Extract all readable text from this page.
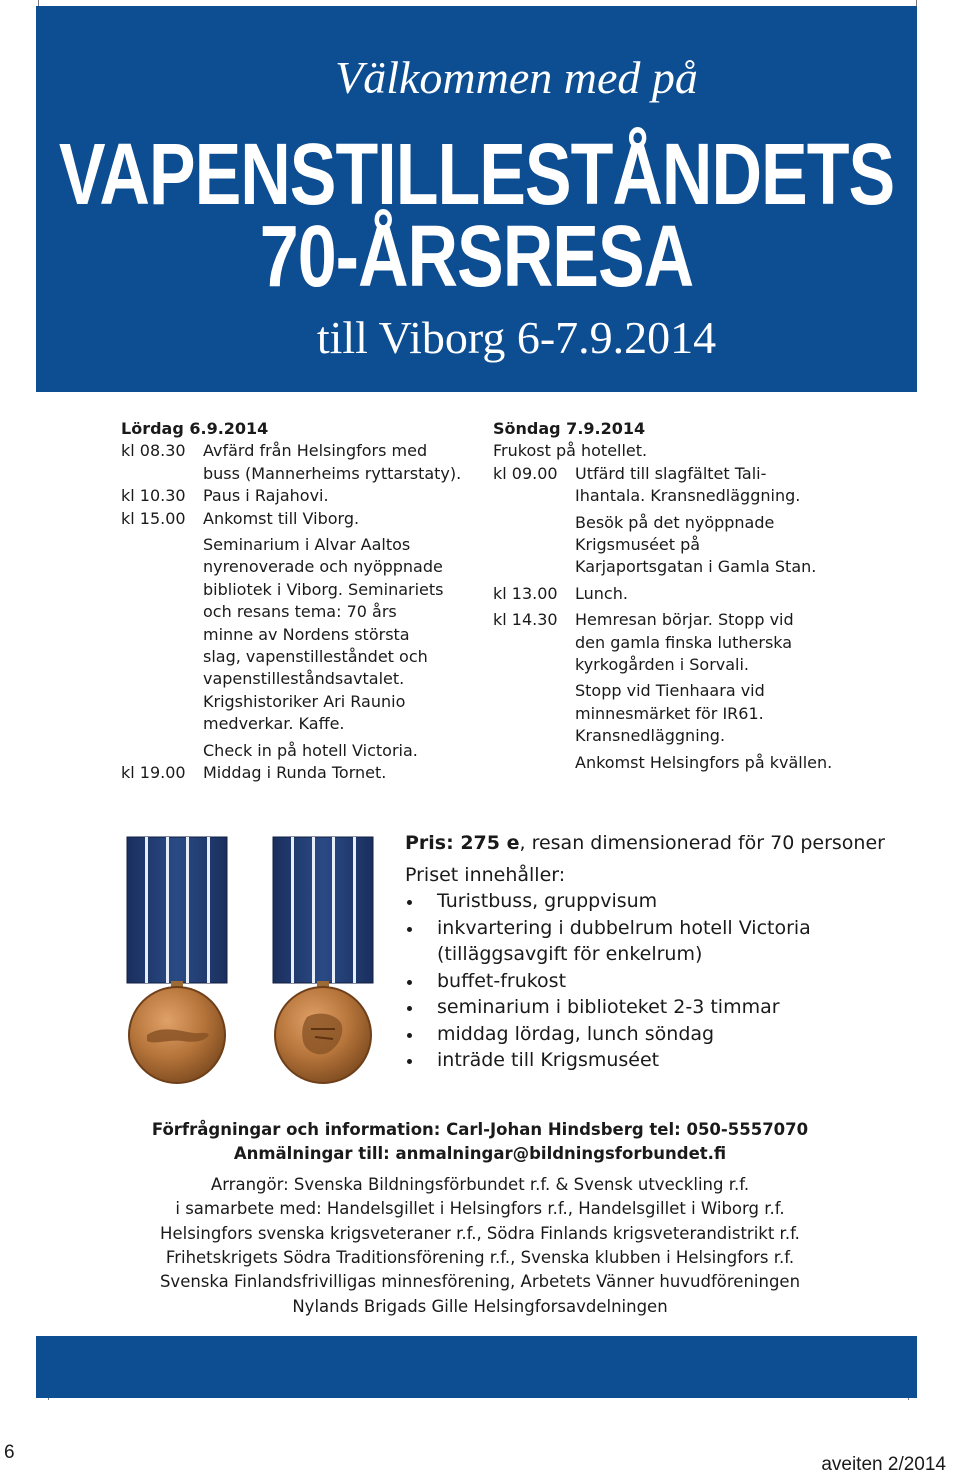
Välkommen med på
VAPENSTILLESTÅNDETS
70-ÅRSRESA
till Viborg 6-7.9.2014
Lördag 6.9.2014
kl 08.30	Avfärd från Helsingfors med
buss (Mannerheims ryttarstaty).
kl 10.30	Paus i Rajahovi.
kl 15.00	Ankomst till Viborg.
Seminarium i Alvar Aaltos
nyrenoverade och nyöppnade
bibliotek i Viborg. Seminariets
och resans tema: 70 års
minne av Nordens största
slag, vapenstilleståndet och
vapenstilleståndsavtalet.
Krigshistoriker Ari Raunio
medverkar. Kaffe.
Check in på hotell Victoria.
kl 19.00	Middag i Runda Tornet.
Söndag 7.9.2014
Frukost på hotellet.
kl 09.00	Utfärd till slagfältet Tali-
Ihantala. Kransnedläggning.
Besök på det nyöppnade
Krigsmuséet på
Karjaportsgatan i Gamla Stan.
kl 13.00	Lunch.
kl 14.30	Hemresan börjar. Stopp vid
den gamla finska lutherska
kyrkogården i Sorvali.
Stopp vid Tienhaara vid
minnesmärket för IR61.
Kransnedläggning.
Ankomst Helsingfors på kvällen.
Pris: 275 e, resan dimensionerad för 70 personer
Priset innehåller:
Turistbuss, gruppvisum
inkvartering i dubbelrum hotell Victoria (tilläggsavgift för enkelrum)
buffet-frukost
seminarium i biblioteket 2-3 timmar
middag lördag, lunch söndag
inträde till Krigsmuséet
Förfrågningar och information: Carl-Johan Hindsberg tel: 050-5557070
Anmälningar till: anmalningar@bildningsforbundet.fi
Arrangör: Svenska Bildningsförbundet r.f. & Svensk utveckling r.f.
i samarbete med: Handelsgillet i Helsingfors r.f., Handelsgillet i Wiborg r.f.
Helsingfors svenska krigsveteraner r.f., Södra Finlands krigsveterandistrikt r.f.
Frihetskrigets Södra Traditionsförening r.f., Svenska klubben i Helsingfors r.f.
Svenska Finlandsfrivilligas minnesförening, Arbetets Vänner huvudföreningen
Nylands Brigads Gille Helsingforsavdelningen
6
aveiten 2/2014
